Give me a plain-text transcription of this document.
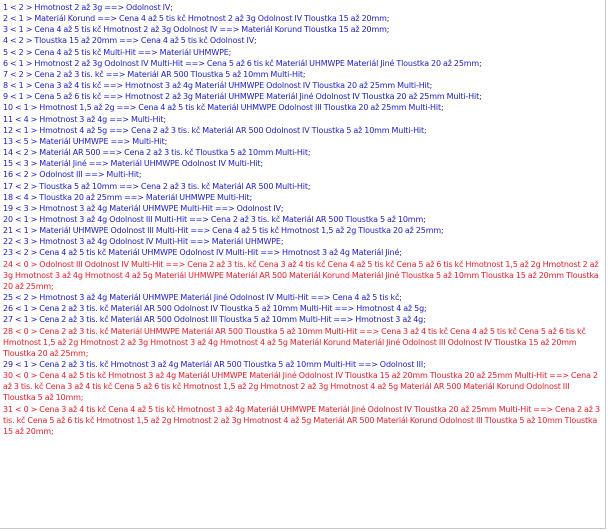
1 < 2 > Hmotnost 2 až 3g ==> Odolnost IV;
2 < 1 > Materiál Korund ==> Cena 4 až 5 tis kč Hmotnost 2 až 3g Odolnost IV Tloustka 15 až 20mm;
3 < 1 > Cena 4 až 5 tis kč Hmotnost 2 až 3g Odolnost IV ==> Materiál Korund Tloustka 15 až 20mm;
4 < 2 > Tloustka 15 až 20mm ==> Cena 4 až 5 tis kč Odolnost IV;
5 < 2 > Cena 4 až 5 tis kč Multi-Hit ==> Materiál UHMWPE;
6 < 1 > Hmotnost 2 až 3g Odolnost IV Multi-Hit ==> Cena 5 až 6 tis kč Materiál UHMWPE Materiál Jiné Tloustka 20 až 25mm;
7 < 2 > Cena 2 až 3 tis. kč ==> Materiál AR 500 Tloustka 5 až 10mm Multi-Hit;
8 < 1 > Cena 3 až 4 tis kč ==> Hmotnost 3 až 4g Materiál UHMWPE Odolnost IV Tloustka 20 až 25mm Multi-Hit;
9 < 1 > Cena 5 až 6 tis kč ==> Hmotnost 2 až 3g Materiál UHMWPE Materiál Jiné Odolnost IV Tloustka 20 až 25mm Multi-Hit;
10 < 1 > Hmotnost 1,5 až 2g ==> Cena 4 až 5 tis kč Materiál UHMWPE Odolnost III Tloustka 20 až 25mm Multi-Hit;
11 < 4 > Hmotnost 3 až 4g ==> Multi-Hit;
12 < 1 > Hmotnost 4 až 5g ==> Cena 2 až 3 tis. kč Materiál AR 500 Odolnost IV Tloustka 5 až 10mm Multi-Hit;
13 < 5 > Materiál UHMWPE ==> Multi-Hit;
14 < 2 > Materiál AR 500 ==> Cena 2 až 3 tis. kč Tloustka 5 až 10mm Multi-Hit;
15 < 3 > Materiál Jiné ==> Materiál UHMWPE Odolnost IV Multi-Hit;
16 < 2 > Odolnost III ==> Multi-Hit;
17 < 2 > Tloustka 5 až 10mm ==> Cena 2 až 3 tis. kč Materiál AR 500 Multi-Hit;
18 < 4 > Tloustka 20 až 25mm ==> Materiál UHMWPE Multi-Hit;
19 < 3 > Hmotnost 3 až 4g Materiál UHMWPE Multi-Hit ==> Odolnost IV;
20 < 1 > Hmotnost 3 až 4g Odolnost III Multi-Hit ==> Cena 2 až 3 tis. kč Materiál AR 500 Tloustka 5 až 10mm;
21 < 1 > Materiál UHMWPE Odolnost III Multi-Hit ==> Cena 4 až 5 tis kč Hmotnost 1,5 až 2g Tloustka 20 až 25mm;
22 < 3 > Hmotnost 3 až 4g Odolnost IV Multi-Hit ==> Materiál UHMWPE;
23 < 2 > Cena 4 až 5 tis kč Materiál UHMWPE Odolnost IV Multi-Hit ==> Hmotnost 3 až 4g Materiál Jiné;
24 < 0 > Odolnost III Odolnost IV Multi-Hit ==> Cena 2 až 3 tis. kč Cena 3 až 4 tis kč Cena 4 až 5 tis kč Cena 5 až 6 tis kč Hmotnost 1,5 až 2g Hmotnost 2 až 3g Hmotnost 3 až 4g Hmotnost 4 až 5g Materiál UHMWPE Materiál AR 500 Materiál Korund Materiál Jiné Tloustka 5 až 10mm Tloustka 15 až 20mm Tloustka 20 až 25mm;
25 < 2 > Hmotnost 3 až 4g Materiál UHMWPE Materiál Jiné Odolnost IV Multi-Hit ==> Cena 4 až 5 tis kč;
26 < 1 > Cena 2 až 3 tis. kč Materiál AR 500 Odolnost IV Tloustka 5 až 10mm Multi-Hit ==> Hmotnost 4 až 5g;
27 < 1 > Cena 2 až 3 tis. kč Materiál AR 500 Odolnost III Tloustka 5 až 10mm Multi-Hit ==> Hmotnost 3 až 4g;
28 < 0 > Cena 2 až 3 tis. kč Materiál UHMWPE Materiál AR 500 Tloustka 5 až 10mm Multi-Hit ==> Cena 3 až 4 tis kč Cena 4 až 5 tis kč Cena 5 až 6 tis kč Hmotnost 1,5 až 2g Hmotnost 2 až 3g Hmotnost 3 až 4g Hmotnost 4 až 5g Materiál Korund Materiál Jiné Odolnost III Odolnost IV Tloustka 15 až 20mm Tloustka 20 až 25mm;
29 < 1 > Cena 2 až 3 tis. kč Hmotnost 3 až 4g Materiál AR 500 Tloustka 5 až 10mm Multi-Hit ==> Odolnost III;
30 < 0 > Cena 4 až 5 tis kč Hmotnost 3 až 4g Materiál UHMWPE Materiál Jiné Odolnost IV Tloustka 15 až 20mm Tloustka 20 až 25mm Multi-Hit ==> Cena 2 až 3 tis. kč Cena 3 až 4 tis kč Cena 5 až 6 tis kč Hmotnost 1,5 až 2g Hmotnost 2 až 3g Hmotnost 4 až 5g Materiál AR 500 Materiál Korund Odolnost III Tloustka 5 až 10mm;
31 < 0 > Cena 3 až 4 tis kč Cena 4 až 5 tis kč Hmotnost 3 až 4g Materiál UHMWPE Materiál Jiné Odolnost IV Tloustka 20 až 25mm Multi-Hit ==> Cena 2 až 3 tis. kč Cena 5 až 6 tis kč Hmotnost 1,5 až 2g Hmotnost 2 až 3g Hmotnost 4 až 5g Materiál AR 500 Materiál Korund Odolnost III Tloustka 5 až 10mm Tloustka 15 až 20mm;
